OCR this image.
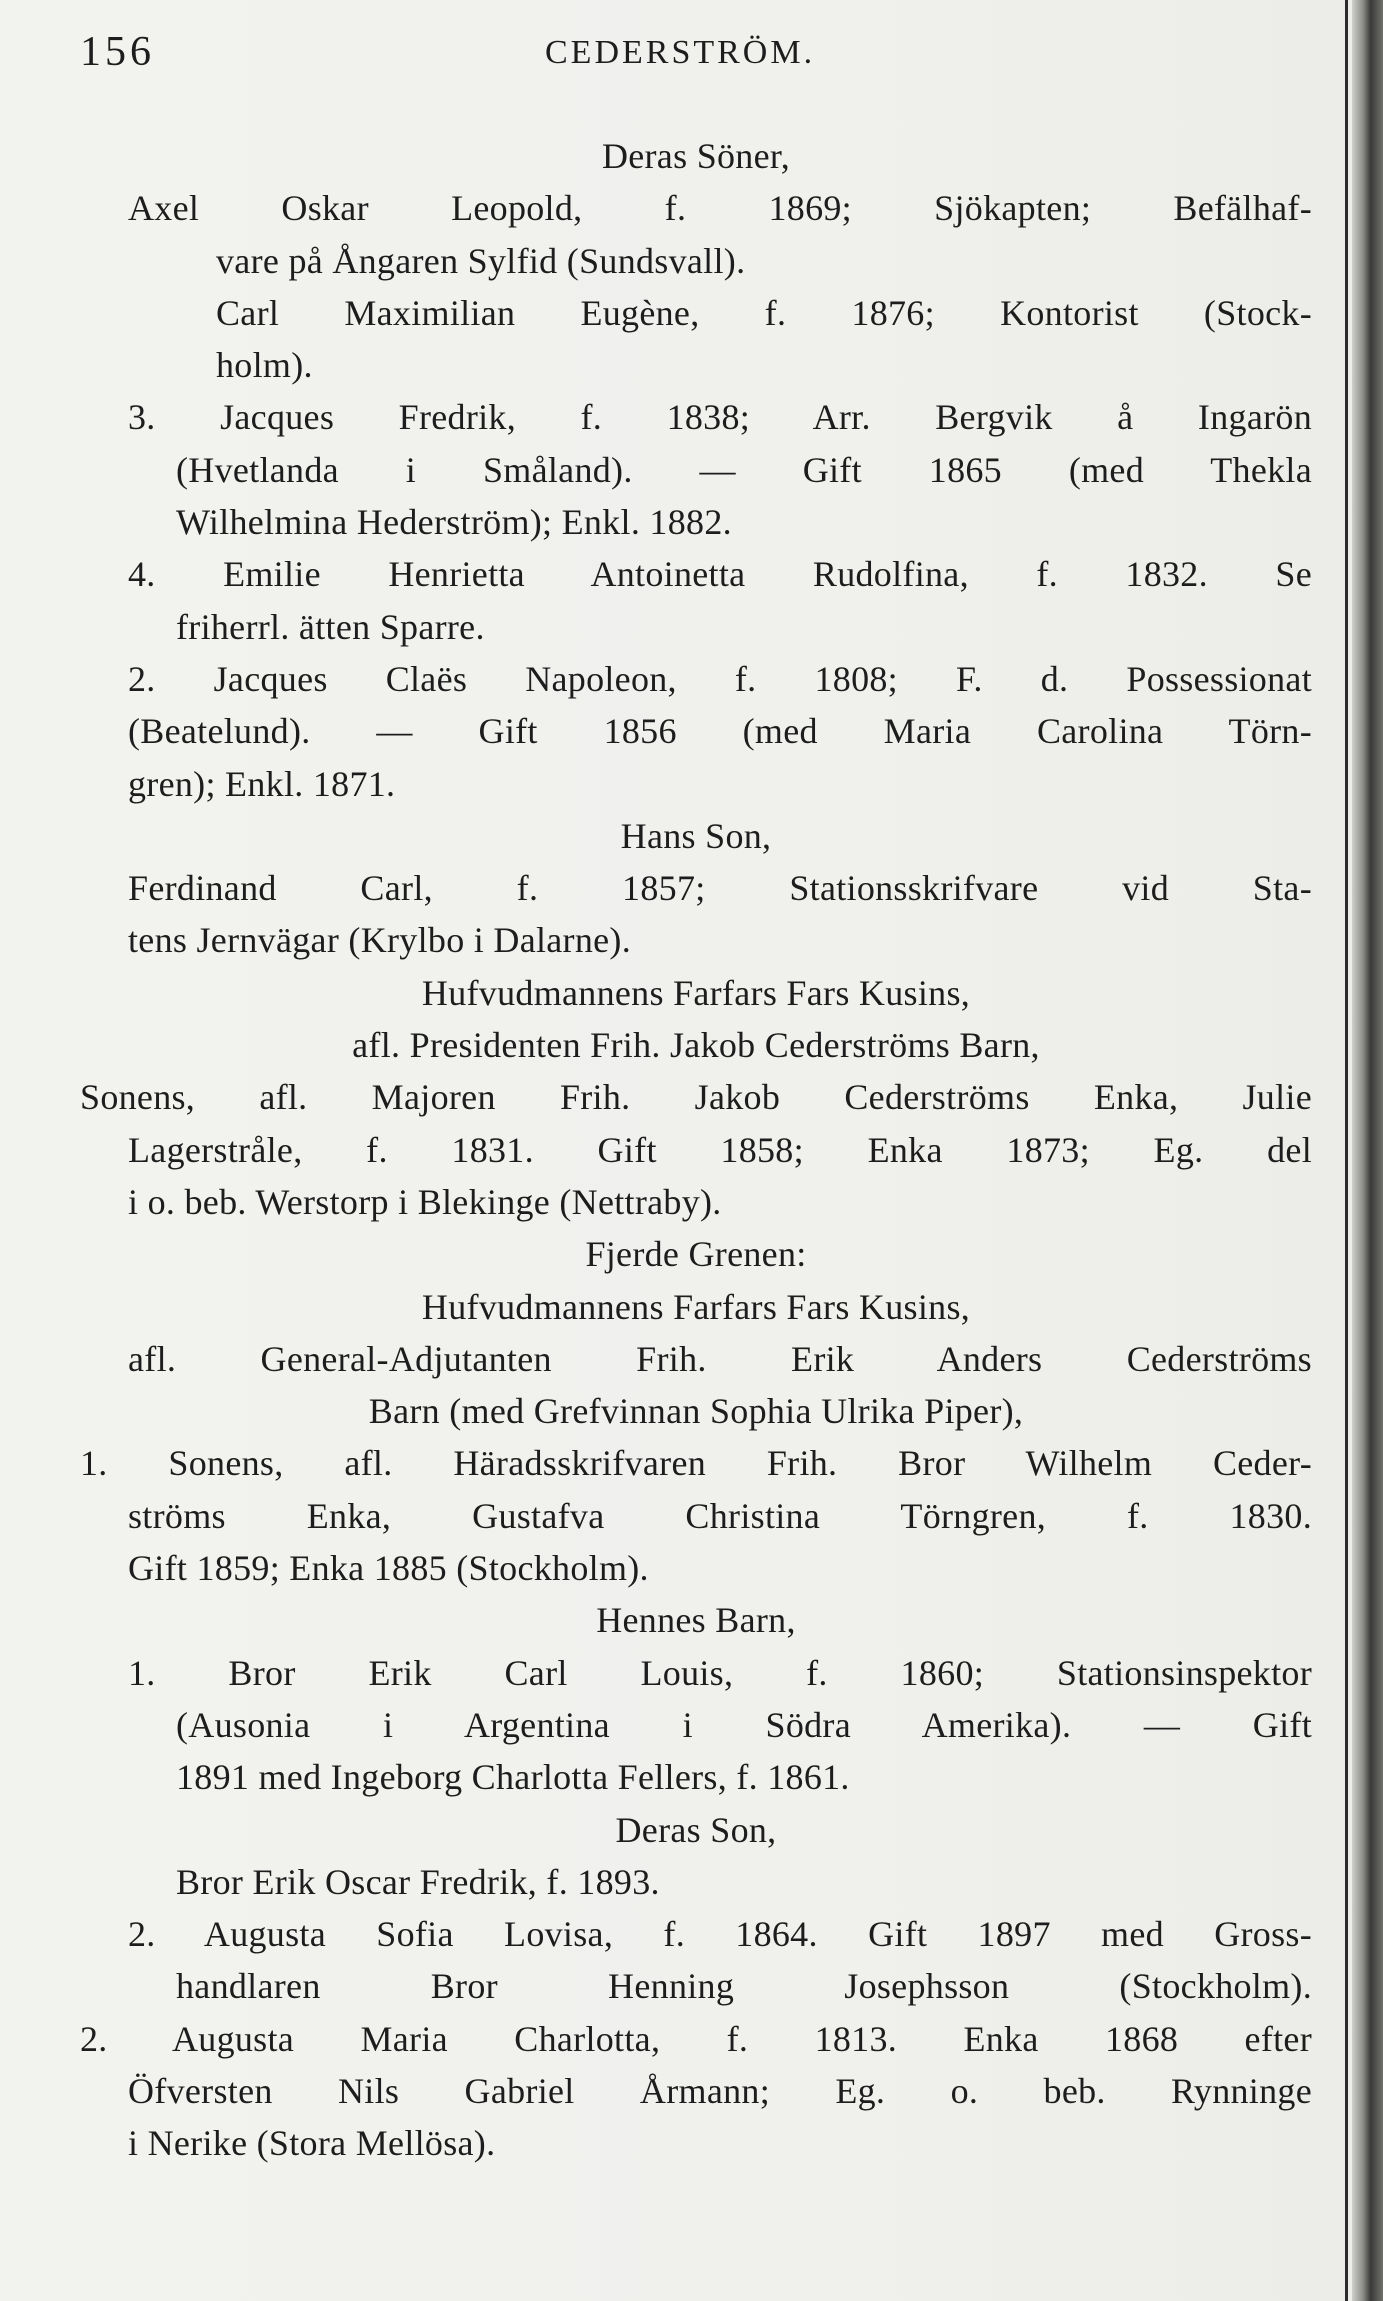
156	CEDERSTRÖM.
Deras Söner,
Axel Oskar Leopold, f. 1869; Sjökapten; Befälhaf-
vare på Ångaren Sylfid (Sundsvall).
Carl Maximilian Eugène, f. 1876; Kontorist (Stock-
holm).
3. Jacques Fredrik, f. 1838; Arr. Bergvik å Ingarön
(Hvetlanda i Småland). — Gift 1865 (med Thekla
Wilhelmina Hederström); Enkl. 1882.
4. Emilie Henrietta Antoinetta Rudolfina, f. 1832. Se
friherrl. ätten Sparre.
2. Jacques Claës Napoleon, f. 1808; F. d. Possessionat
(Beatelund). — Gift 1856 (med Maria Carolina Törn-
gren); Enkl. 1871.
Hans Son,
Ferdinand Carl, f. 1857; Stationsskrifvare vid Sta-
tens Jernvägar (Krylbo i Dalarne).
Hufvudmannens Farfars Fars Kusins,
afl. Presidenten Frih. Jakob Cederströms Barn,
Sonens, afl. Majoren Frih. Jakob Cederströms Enka, Julie
Lagerstråle, f. 1831. Gift 1858; Enka 1873; Eg. del
i o. beb. Werstorp i Blekinge (Nettraby).
Fjerde Grenen:
Hufvudmannens Farfars Fars Kusins,
afl. General-Adjutanten Frih. Erik Anders Cederströms
Barn (med Grefvinnan Sophia Ulrika Piper),
1. Sonens, afl. Häradsskrifvaren Frih. Bror Wilhelm Ceder-
ströms Enka, Gustafva Christina Törngren, f. 1830.
Gift 1859; Enka 1885 (Stockholm).
Hennes Barn,
1. Bror Erik Carl Louis, f. 1860; Stationsinspektor
(Ausonia i Argentina i Södra Amerika). — Gift
1891 med Ingeborg Charlotta Fellers, f. 1861.
Deras Son,
Bror Erik Oscar Fredrik, f. 1893.
2. Augusta Sofia Lovisa, f. 1864. Gift 1897 med Gross-
handlaren Bror Henning Josephsson (Stockholm).
2. Augusta Maria Charlotta, f. 1813. Enka 1868 efter
Öfversten Nils Gabriel Årmann; Eg. o. beb. Rynninge
i Nerike (Stora Mellösa).
